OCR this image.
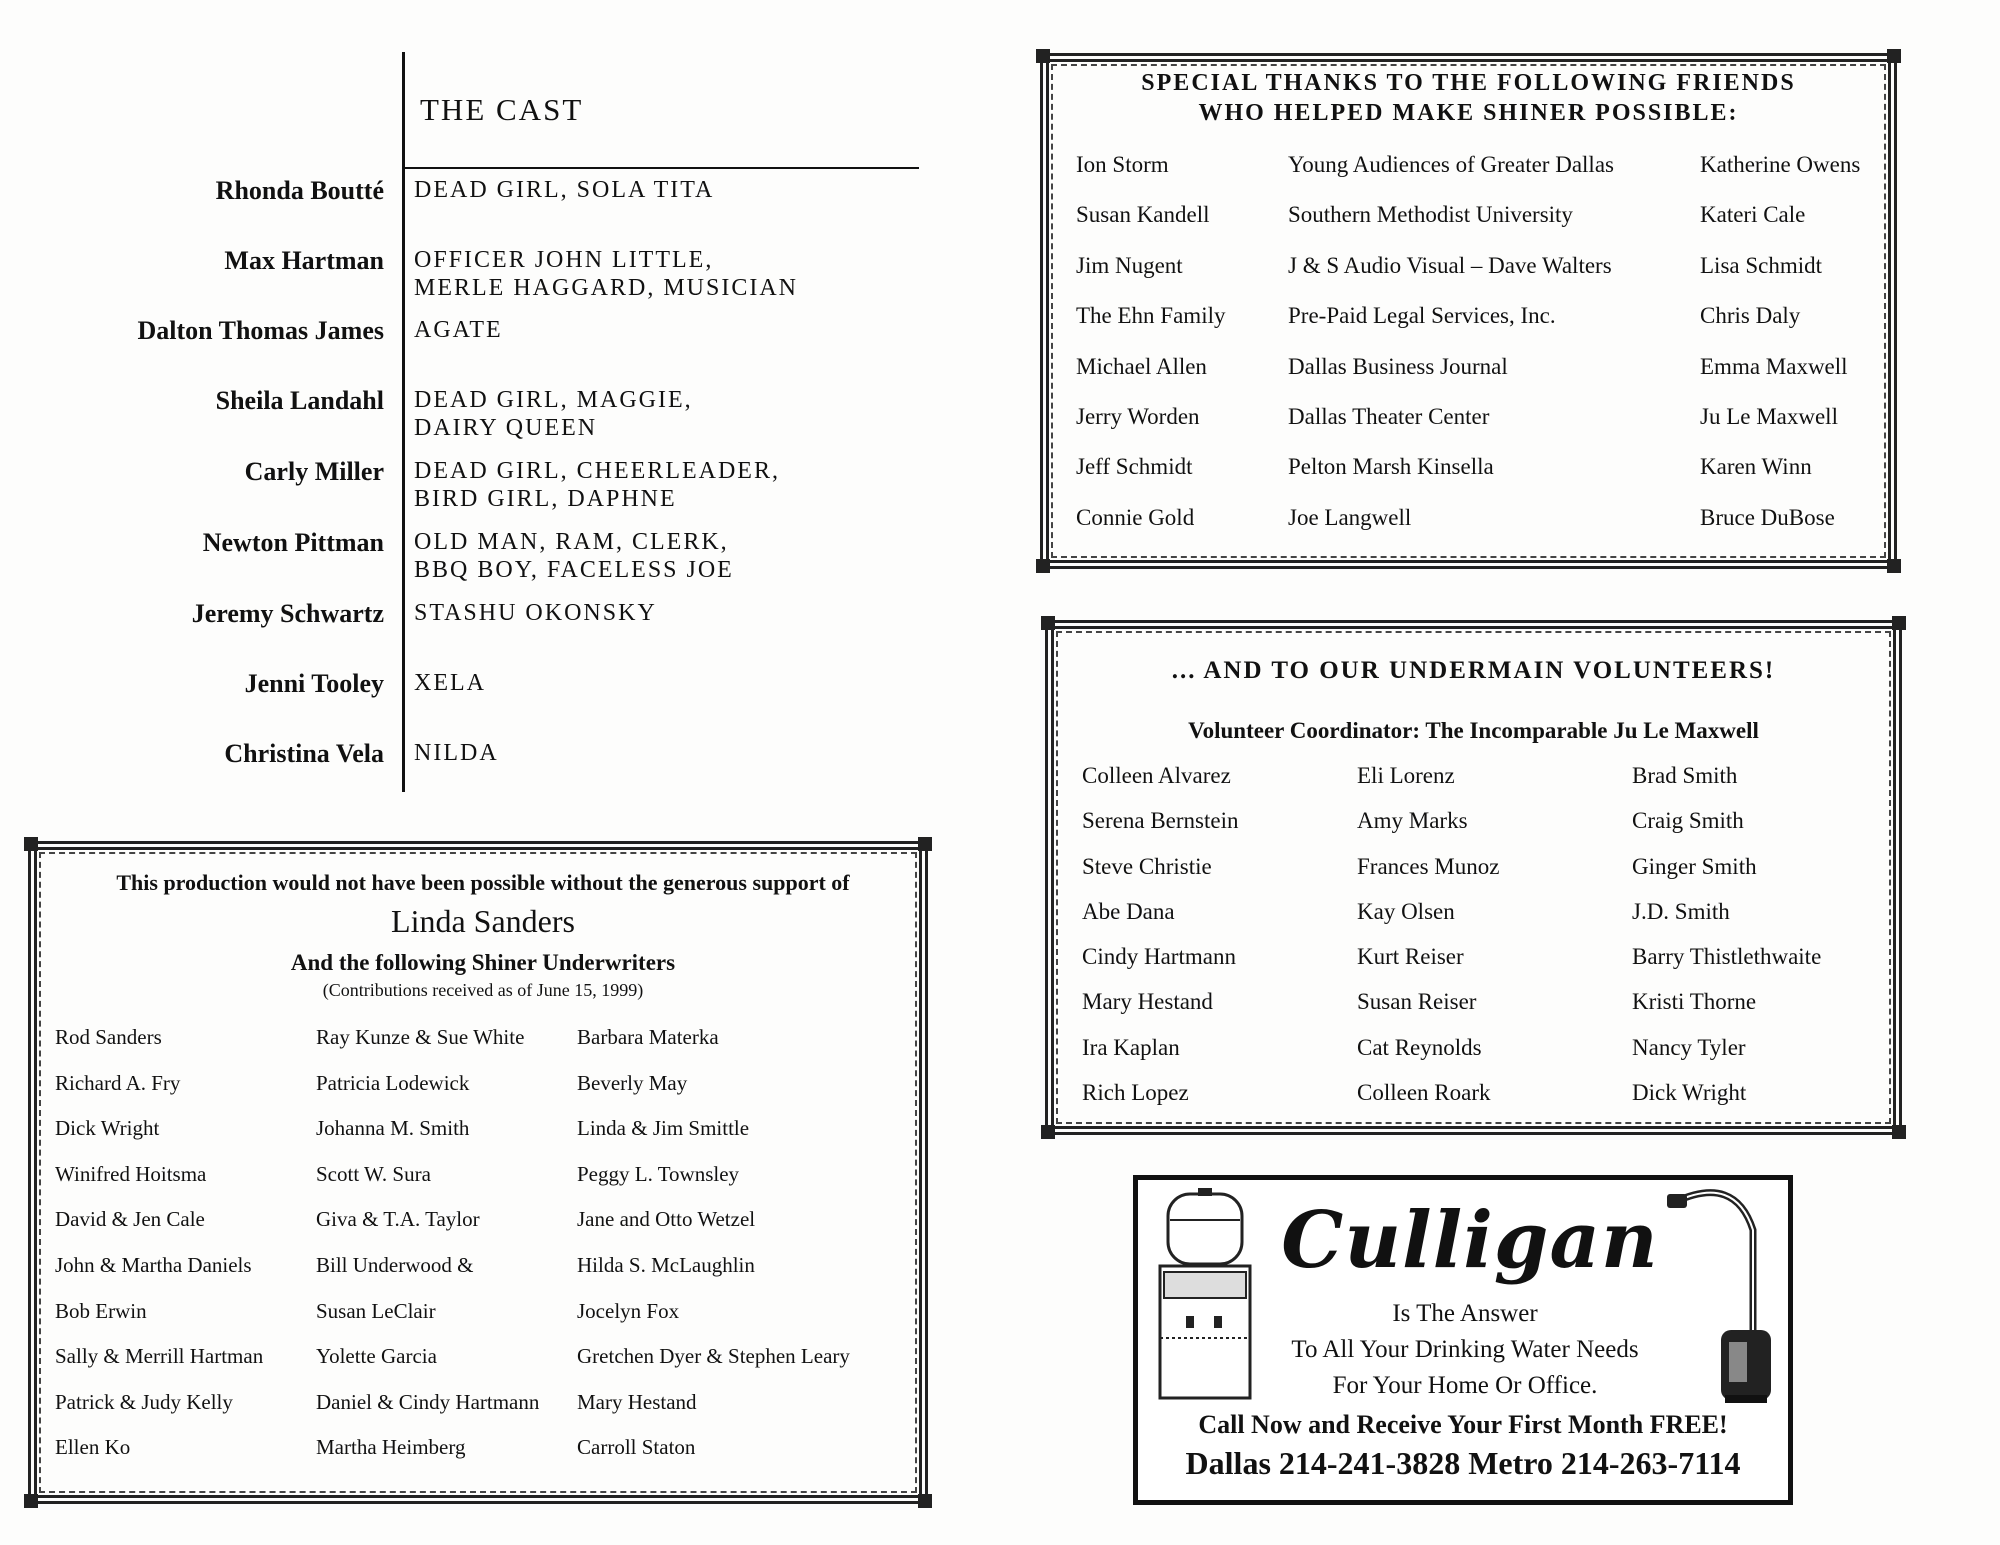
THE CAST
Rhonda Boutté DEAD GIRL, SOLA TITA
Max Hartman OFFICER JOHN LITTLE,
MERLE HAGGARD, MUSICIAN
Dalton Thomas James AGATE
Sheila Landahl DEAD GIRL, MAGGIE,
DAIRY QUEEN
Carly Miller DEAD GIRL, CHEERLEADER,
BIRD GIRL, DAPHNE
Newton Pittman OLD MAN, RAM, CLERK,
BBQ BOY, FACELESS JOE
Jeremy Schwartz STASHU OKONSKY
Jenni Tooley XELA
Christina Vela NILDA
This production would not have been possible without the generous support of
Linda Sanders
And the following Shiner Underwriters
(Contributions received as of June 15, 1999)
Rod Sanders
Richard A. Fry
Dick Wright
Winifred Hoitsma
David & Jen Cale
John & Martha Daniels
Bob Erwin
Sally & Merrill Hartman
Patrick & Judy Kelly
Ellen Ko
Ray Kunze & Sue White
Patricia Lodewick
Johanna M. Smith
Scott W. Sura
Giva & T.A. Taylor
Bill Underwood &
Susan LeClair
Yolette Garcia
Daniel & Cindy Hartmann
Martha Heimberg
Barbara Materka
Beverly May
Linda & Jim Smittle
Peggy L. Townsley
Jane and Otto Wetzel
Hilda S. McLaughlin
Jocelyn Fox
Gretchen Dyer & Stephen Leary
Mary Hestand
Carroll Staton
SPECIAL THANKS TO THE FOLLOWING FRIENDS
WHO HELPED MAKE SHINER POSSIBLE:
Ion Storm
Susan Kandell
Jim Nugent
The Ehn Family
Michael Allen
Jerry Worden
Jeff Schmidt
Connie Gold
Young Audiences of Greater Dallas
Southern Methodist University
J & S Audio Visual – Dave Walters
Pre-Paid Legal Services, Inc.
Dallas Business Journal
Dallas Theater Center
Pelton Marsh Kinsella
Joe Langwell
Katherine Owens
Kateri Cale
Lisa Schmidt
Chris Daly
Emma Maxwell
Ju Le Maxwell
Karen Winn
Bruce DuBose
... AND TO OUR UNDERMAIN VOLUNTEERS!
Volunteer Coordinator: The Incomparable Ju Le Maxwell
Colleen Alvarez
Serena Bernstein
Steve Christie
Abe Dana
Cindy Hartmann
Mary Hestand
Ira Kaplan
Rich Lopez
Eli Lorenz
Amy Marks
Frances Munoz
Kay Olsen
Kurt Reiser
Susan Reiser
Cat Reynolds
Colleen Roark
Brad Smith
Craig Smith
Ginger Smith
J.D. Smith
Barry Thistlethwaite
Kristi Thorne
Nancy Tyler
Dick Wright
Culligan
Is The Answer
To All Your Drinking Water Needs
For Your Home Or Office.
Call Now and Receive Your First Month FREE!
Dallas 214-241-3828 Metro 214-263-7114
